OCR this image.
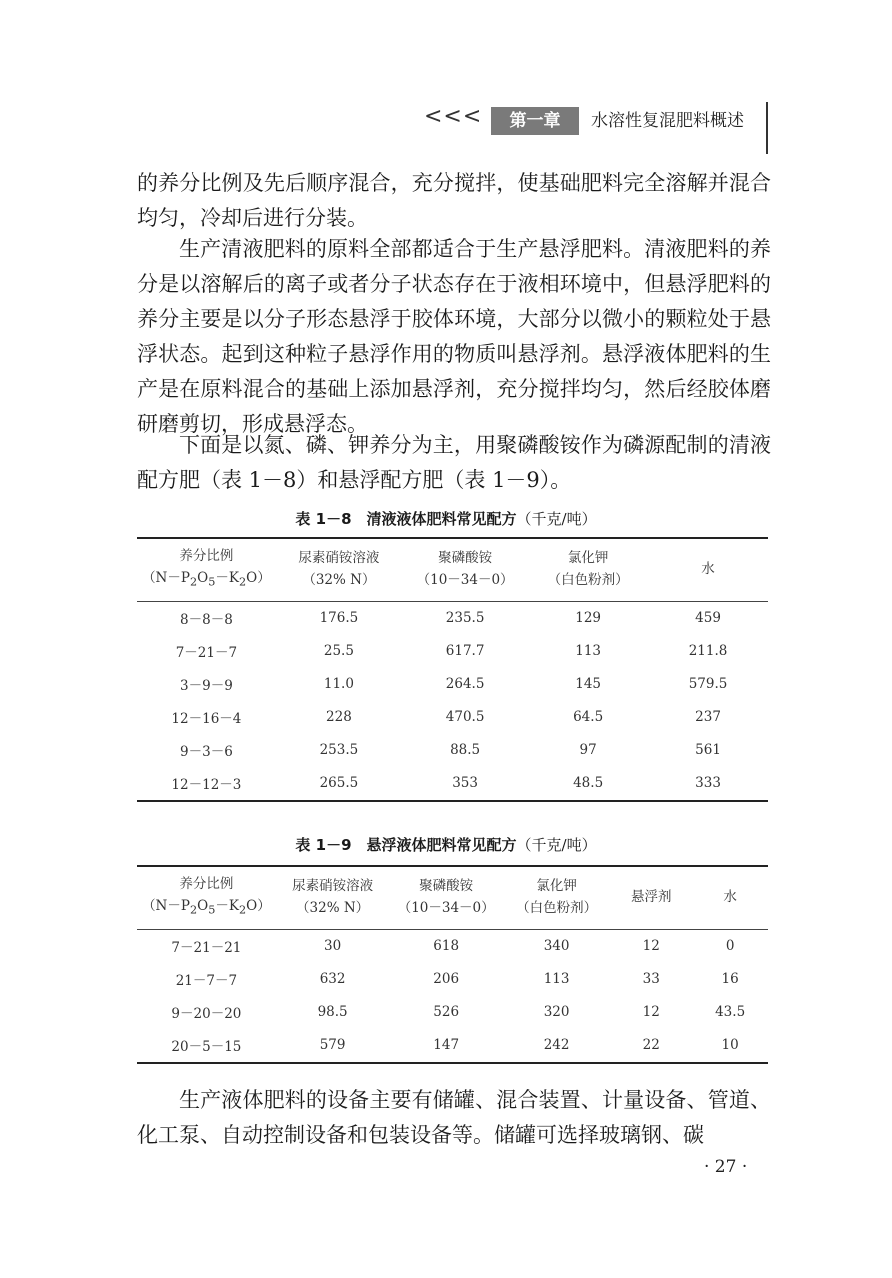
<<<	第一章	水溶性复混肥料概述

的养分比例及先后顺序混合，充分搅拌，使基础肥料完全溶解并混合均匀，冷却后进行分装。

生产清液肥料的原料全部都适合于生产悬浮肥料。清液肥料的养分是以溶解后的离子或者分子状态存在于液相环境中，但悬浮肥料的养分主要是以分子形态悬浮于胶体环境，大部分以微小的颗粒处于悬浮状态。起到这种粒子悬浮作用的物质叫悬浮剂。悬浮液体肥料的生产是在原料混合的基础上添加悬浮剂，充分搅拌均匀，然后经胶体磨研磨剪切，形成悬浮态。

下面是以氮、磷、钾养分为主，用聚磷酸铵作为磷源配制的清液配方肥（表 1－8）和悬浮配方肥（表 1－9）。

表 1－8　清液液体肥料常见配方（千克/吨）
养分比例
$(N-P_2O_5-K_2O)$	尿素硝铵溶液
（32% N）	聚磷酸铵
（10－34－0）	氯化钾
（白色粉剂）	水

8－8－8	176.5	235.5	129	459
7－21－7	25.5	617.7	113	211.8
3－9－9	11.0	264.5	145	579.5
12－16－4	228	470.5	64.5	237
9－3－6	253.5	88.5	97	561
12－12－3	265.5	353	48.5	333
表 1－9　悬浮液体肥料常见配方（千克/吨）
养分比例
$(N-P_2O_5-K_2O)$	尿素硝铵溶液
（32% N）	聚磷酸铵
（10－34－0）	氯化钾
（白色粉剂）	悬浮剂	水

7－21－21	30	618	340	12	0
21－7－7	632	206	113	33	16
9－20－20	98.5	526	320	12	43.5
20－5－15	579	147	242	22	10

生产液体肥料的设备主要有储罐、混合装置、计量设备、管道、化工泵、自动控制设备和包装设备等。储罐可选择玻璃钢、碳

· 27 ·
